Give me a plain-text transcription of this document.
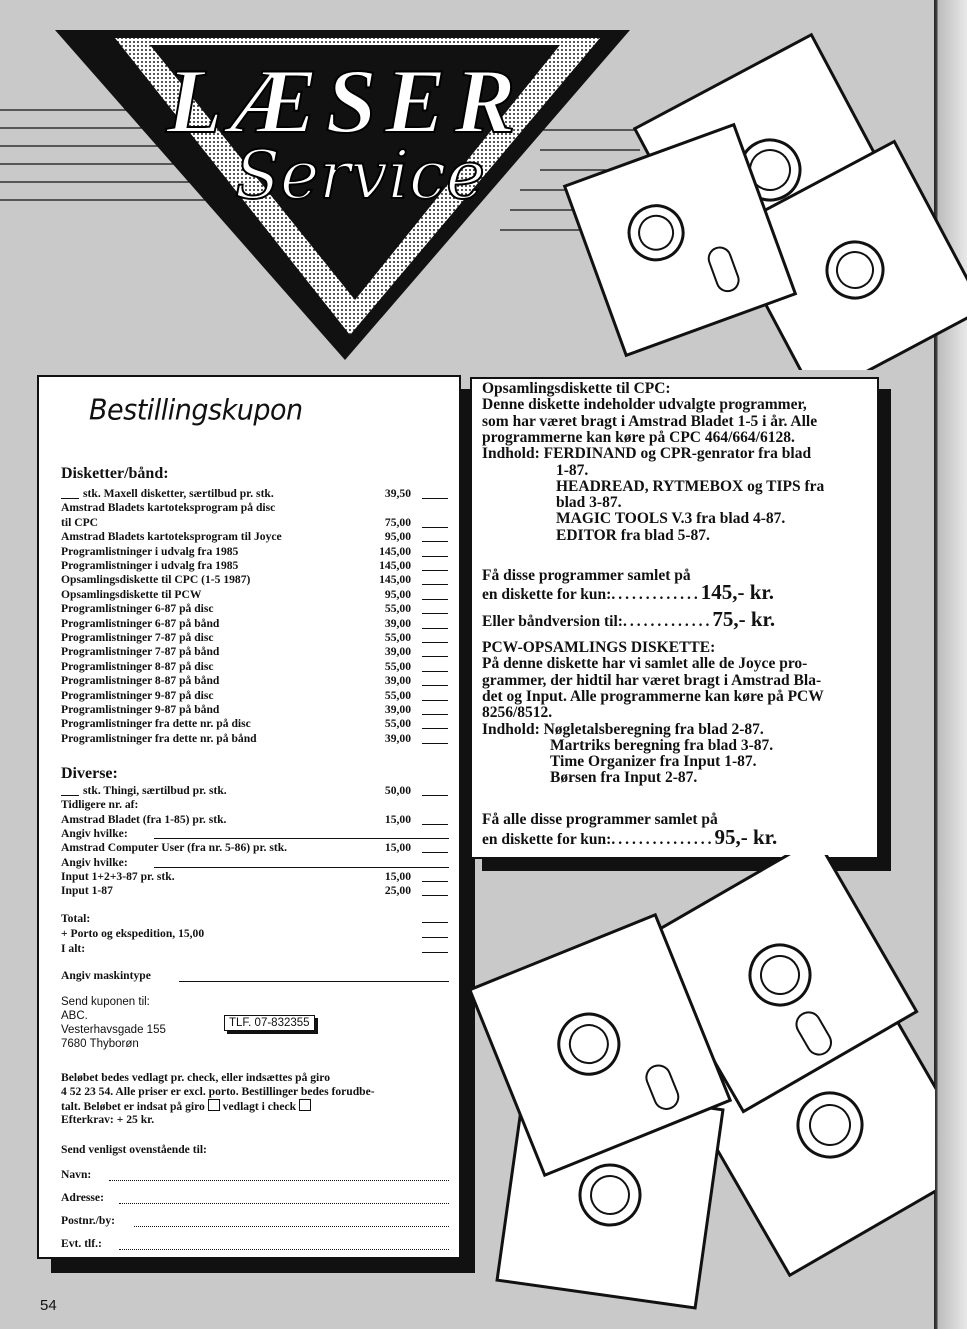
LÆSER
Service
Bestillingskupon
Disketter/bånd:
Diverse:
Total:
+ Porto og ekspedition, 15,00
I alt:
Angiv maskintype
Send kuponen til:
ABC.
Vesterhavsgade 155
7680 Thyborøn
TLF. 07-832355
Beløbet bedes vedlagt pr. check, eller indsættes på giro
4 52 23 54. Alle priser er excl. porto. Bestillinger bedes forudbe-
talt. Beløbet er indsat på giro vedlagt i check
Efterkrav: + 25 kr.
Send venligst ovenstående til:
Navn:
Adresse:
Postnr./by:
Evt. tlf.:
stk. Maxell disketter, særtilbud pr. stk.	39,50
Amstrad Bladets kartoteksprogram på disc
til CPC	75,00
Amstrad Bladets kartoteksprogram til Joyce	95,00
Programlistninger i udvalg fra 1985	145,00
Programlistninger i udvalg fra 1985	145,00
Opsamlingsdiskette til CPC (1-5 1987)	145,00
Opsamlingsdiskette til PCW	95,00
Programlistninger 6-87 på disc	55,00
Programlistninger 6-87 på bånd	39,00
Programlistninger 7-87 på disc	55,00
Programlistninger 7-87 på bånd	39,00
Programlistninger 8-87 på disc	55,00
Programlistninger 8-87 på bånd	39,00
Programlistninger 9-87 på disc	55,00
Programlistninger 9-87 på bånd	39,00
Programlistninger fra dette nr. på disc	55,00
Programlistninger fra dette nr. på bånd	39,00
stk. Thingi, særtilbud pr. stk.	50,00
Tidligere nr. af:
Amstrad Bladet (fra 1-85) pr. stk.	15,00
Angiv hvilke:
Amstrad Computer User (fra nr. 5-86) pr. stk.	15,00
Angiv hvilke:
Input 1+2+3-87 pr. stk.	15,00
Input 1-87	25,00
Få disse programmer samlet på
en diskette for kun:.............145,- kr.
Eller båndversion til:.............75,- kr.
Få alle disse programmer samlet på
en diskette for kun:...............95,- kr.
Opsamlingsdiskette til CPC:
Denne diskette indeholder udvalgte programmer,
som har været bragt i Amstrad Bladet 1-5 i år. Alle
programmerne kan køre på CPC 464/664/6128.
Indhold: FERDINAND og CPR-genrator fra blad
1-87.
HEADREAD, RYTMEBOX og TIPS fra
blad 3-87.
MAGIC TOOLS V.3 fra blad 4-87.
EDITOR fra blad 5-87.
PCW-OPSAMLINGS DISKETTE:
På denne diskette har vi samlet alle de Joyce pro-
grammer, der hidtil har været bragt i Amstrad Bla-
det og Input. Alle programmerne kan køre på PCW
8256/8512.
Indhold: Nøgletalsberegning fra blad 2-87.
Martriks beregning fra blad 3-87.
Time Organizer fra Input 1-87.
Børsen fra Input 2-87.
54
